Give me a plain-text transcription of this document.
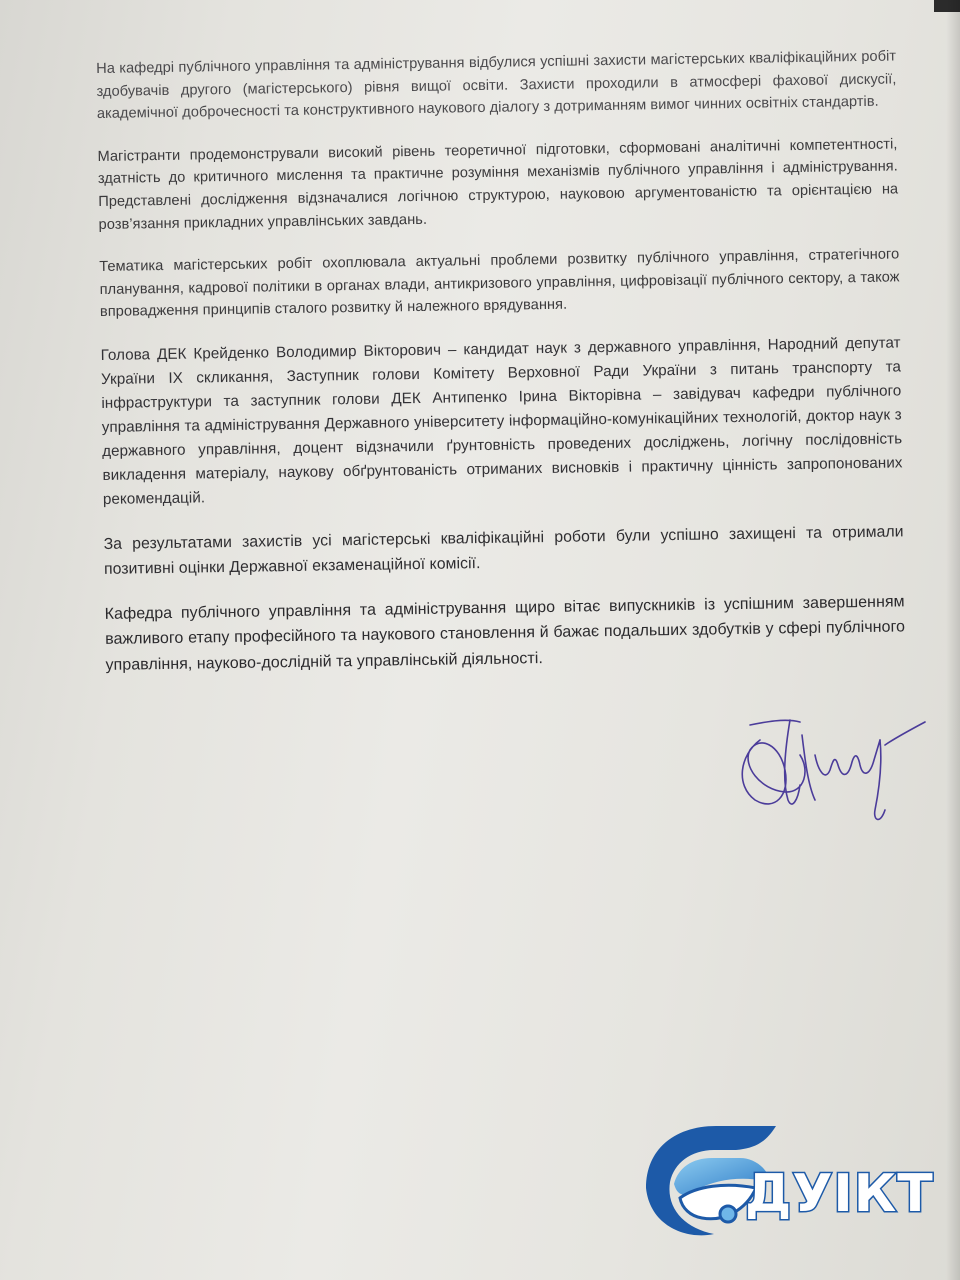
На кафедрі публічного управління та адміністрування відбулися успішні захисти магістерських кваліфікаційних робіт здобувачів другого (магістерського) рівня вищої освіти. Захисти проходили в атмосфері фахової дискусії, академічної доброчесності та конструктивного наукового діалогу з дотриманням вимог чинних освітніх стандартів.

Магістранти продемонстрували високий рівень теоретичної підготовки, сформовані аналітичні компетентності, здатність до критичного мислення та практичне розуміння механізмів публічного управління і адміністрування. Представлені дослідження відзначалися логічною структурою, науковою аргументованістю та орієнтацією на розв’язання прикладних управлінських завдань.

Тематика магістерських робіт охоплювала актуальні проблеми розвитку публічного управління, стратегічного планування, кадрової політики в органах влади, антикризового управління, цифровізації публічного сектору, а також впровадження принципів сталого розвитку й належного врядування.

Голова ДЕК Крейденко Володимир Вікторович – кандидат наук з державного управління, Народний депутат України IX скликання, Заступник голови Комітету Верховної Ради України з питань транспорту та інфраструктури та заступник голови ДЕК Антипенко Ірина Вікторівна – завідувач кафедри публічного управління та адміністрування Державного університету інформаційно-комунікаційних технологій, доктор наук з державного управління, доцент відзначили ґрунтовність проведених досліджень, логічну послідовність викладення матеріалу, наукову обґрунтованість отриманих висновків і практичну цінність запропонованих рекомендацій.

За результатами захистів усі магістерські кваліфікаційні роботи були успішно захищені та отримали позитивні оцінки Державної екзаменаційної комісії.

Кафедра публічного управління та адміністрування щиро вітає випускників із успішним завершенням важливого етапу професійного та наукового становлення й бажає подальших здобутків у сфері публічного управління, науково-дослідній та управлінській діяльності.

ДУІКТ
